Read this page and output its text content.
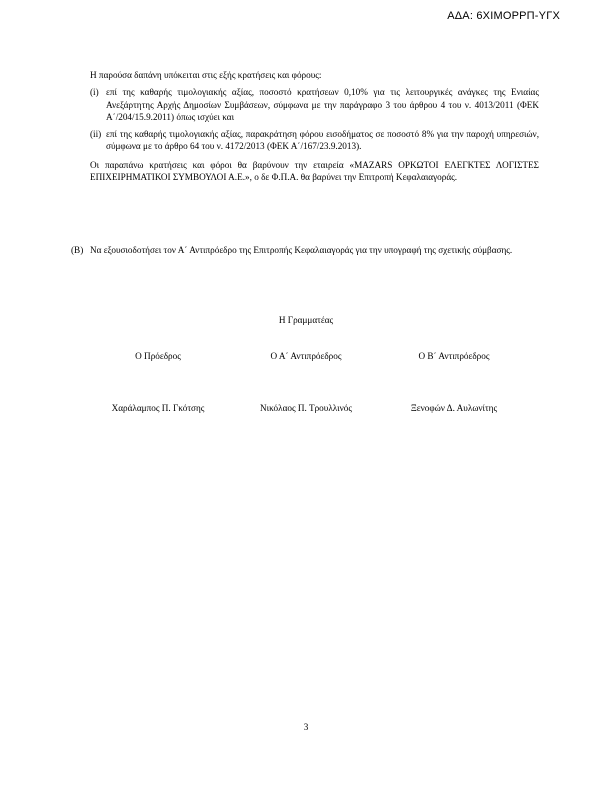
ΑΔΑ: 6ΧΙΜΟΡΡΠ-ΥΓΧ

Η παρούσα δαπάνη υπόκειται στις εξής κρατήσεις και φόρους:

(i) επί της καθαρής τιμολογιακής αξίας, ποσοστό κρατήσεων 0,10% για τις λειτουργικές ανάγκες της Ενιαίας Ανεξάρτητης Αρχής Δημοσίων Συμβάσεων, σύμφωνα με την παράγραφο 3 του άρθρου 4 του ν. 4013/2011 (ΦΕΚ Α΄/204/15.9.2011) όπως ισχύει και
(ii) επί της καθαρής τιμολογιακής αξίας, παρακράτηση φόρου εισοδήματος σε ποσοστό 8% για την παροχή υπηρεσιών, σύμφωνα με το άρθρο 64 του ν. 4172/2013 (ΦΕΚ Α΄/167/23.9.2013).

Οι παραπάνω κρατήσεις και φόροι θα βαρύνουν την εταιρεία «MAZARS ΟΡΚΩΤΟΙ ΕΛΕΓΚΤΕΣ ΛΟΓΙΣΤΕΣ ΕΠΙΧΕΙΡΗΜΑΤΙΚΟΙ ΣΥΜΒΟΥΛΟΙ Α.Ε.», ο δε Φ.Π.Α. θα βαρύνει την Επιτροπή Κεφαλαιαγοράς.

(Β) Να εξουσιοδοτήσει τον Α΄ Αντιπρόεδρο της Επιτροπής Κεφαλαιαγοράς για την υπογραφή της σχετικής σύμβασης.
Η Γραμματέας
Ο Πρόεδρος	Ο Α΄ Αντιπρόεδρος	Ο Β΄ Αντιπρόεδρος
Χαράλαμπος Π. Γκότσης	Νικόλαος Π. Τρουλλινός	Ξενοφών Δ. Αυλωνίτης
3
